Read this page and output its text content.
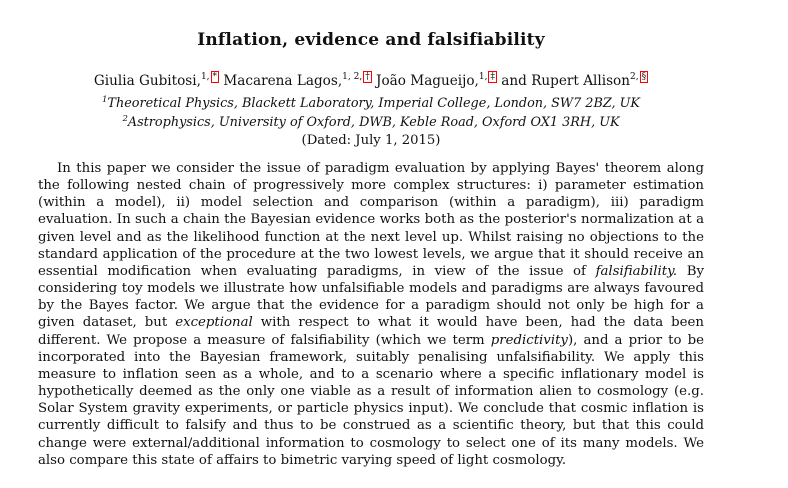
Inflation, evidence and falsifiability
Giulia Gubitosi,$^{1,}$ * Macarena Lagos,$^{1, 2,}$ † João Magueijo,$^{1,}$ ‡ and Rupert Allison$^{2,}$ §
$^1$Theoretical Physics, Blackett Laboratory, Imperial College, London, SW7 2BZ, UK
$^2$Astrophysics, University of Oxford, DWB, Keble Road, Oxford OX1 3RH, UK
(Dated: July 1, 2015)
In this paper we consider the issue of paradigm evaluation by applying Bayes' theorem along the following nested chain of progressively more complex structures: i) parameter estimation (within a model), ii) model selection and comparison (within a paradigm), iii) paradigm evaluation. In such a chain the Bayesian evidence works both as the posterior's normalization at a given level and as the likelihood function at the next level up. Whilst raising no objections to the standard application of the procedure at the two lowest levels, we argue that it should receive an essential modification when evaluating paradigms, in view of the issue of falsifiability. By considering toy models we illustrate how unfalsifiable models and paradigms are always favoured by the Bayes factor. We argue that the evidence for a paradigm should not only be high for a given dataset, but exceptional with respect to what it would have been, had the data been different. We propose a measure of falsifiability (which we term predictivity), and a prior to be incorporated into the Bayesian framework, suitably penalising unfalsifiability. We apply this measure to inflation seen as a whole, and to a scenario where a specific inflationary model is hypothetically deemed as the only one viable as a result of information alien to cosmology (e.g. Solar System gravity experiments, or particle physics input). We conclude that cosmic inflation is currently difficult to falsify and thus to be construed as a scientific theory, but that this could change were external/additional information to cosmology to select one of its many models. We also compare this state of affairs to bimetric varying speed of light cosmology.
